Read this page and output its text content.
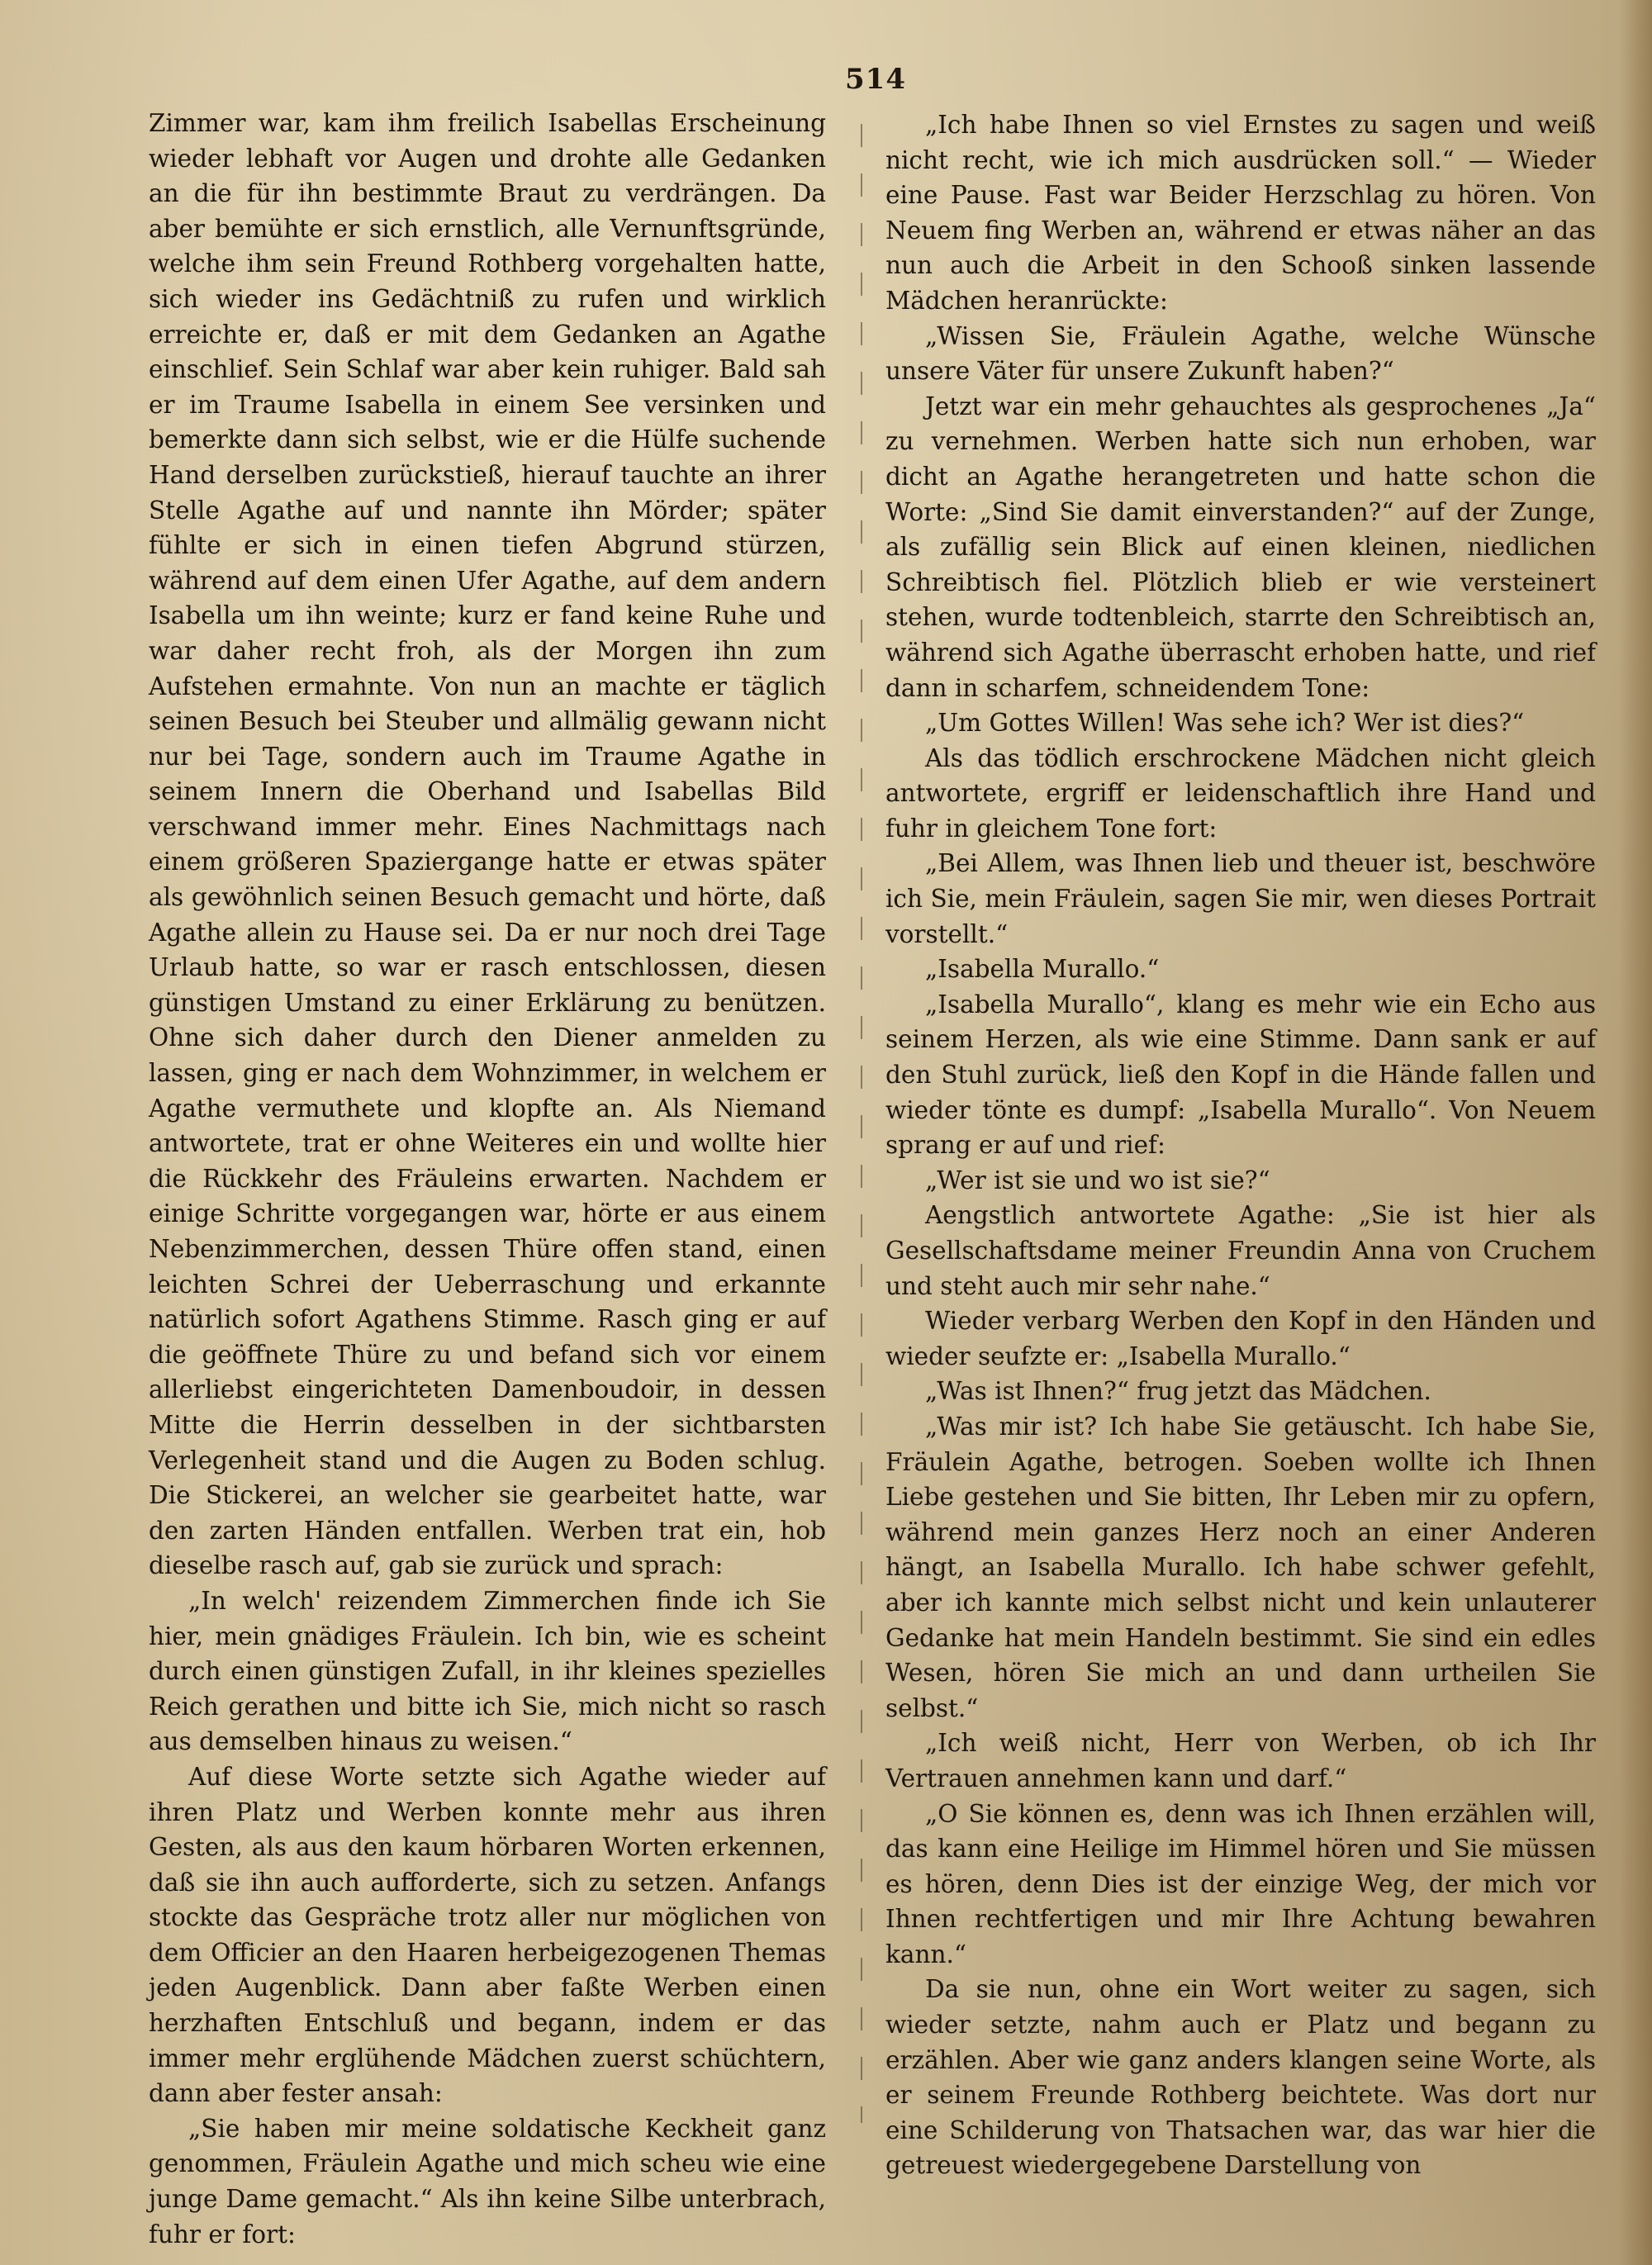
514

Zimmer war, kam ihm freilich Isabellas Erscheinung wieder lebhaft vor Augen und drohte alle Gedanken an die für ihn bestimmte Braut zu verdrängen. Da aber bemühte er sich ernstlich, alle Vernunftsgründe, welche ihm sein Freund Rothberg vorgehalten hatte, sich wieder ins Gedächtniß zu rufen und wirklich erreichte er, daß er mit dem Gedanken an Agathe einschlief. Sein Schlaf war aber kein ruhiger. Bald sah er im Traume Isabella in einem See versinken und bemerkte dann sich selbst, wie er die Hülfe suchende Hand derselben zurückstieß, hierauf tauchte an ihrer Stelle Agathe auf und nannte ihn Mörder; später fühlte er sich in einen tiefen Abgrund stürzen, während auf dem einen Ufer Agathe, auf dem andern Isabella um ihn weinte; kurz er fand keine Ruhe und war daher recht froh, als der Morgen ihn zum Aufstehen ermahnte. Von nun an machte er täglich seinen Besuch bei Steuber und allmälig gewann nicht nur bei Tage, sondern auch im Traume Agathe in seinem Innern die Oberhand und Isabellas Bild verschwand immer mehr. Eines Nachmittags nach einem größeren Spaziergange hatte er etwas später als gewöhnlich seinen Besuch gemacht und hörte, daß Agathe allein zu Hause sei. Da er nur noch drei Tage Urlaub hatte, so war er rasch entschlossen, diesen günstigen Umstand zu einer Erklärung zu benützen. Ohne sich daher durch den Diener anmelden zu lassen, ging er nach dem Wohnzimmer, in welchem er Agathe vermuthete und klopfte an. Als Niemand antwortete, trat er ohne Weiteres ein und wollte hier die Rückkehr des Fräuleins erwarten. Nachdem er einige Schritte vorgegangen war, hörte er aus einem Nebenzimmerchen, dessen Thüre offen stand, einen leichten Schrei der Ueberraschung und erkannte natürlich sofort Agathens Stimme. Rasch ging er auf die geöffnete Thüre zu und befand sich vor einem allerliebst eingerichteten Damenboudoir, in dessen Mitte die Herrin desselben in der sichtbarsten Verlegenheit stand und die Augen zu Boden schlug. Die Stickerei, an welcher sie gearbeitet hatte, war den zarten Händen entfallen. Werben trat ein, hob dieselbe rasch auf, gab sie zurück und sprach:

„In welch' reizendem Zimmerchen finde ich Sie hier, mein gnädiges Fräulein. Ich bin, wie es scheint durch einen günstigen Zufall, in ihr kleines spezielles Reich gerathen und bitte ich Sie, mich nicht so rasch aus demselben hinaus zu weisen.“

Auf diese Worte setzte sich Agathe wieder auf ihren Platz und Werben konnte mehr aus ihren Gesten, als aus den kaum hörbaren Worten erkennen, daß sie ihn auch aufforderte, sich zu setzen. Anfangs stockte das Gespräche trotz aller nur möglichen von dem Officier an den Haaren herbeigezogenen Themas jeden Augenblick. Dann aber faßte Werben einen herzhaften Entschluß und begann, indem er das immer mehr erglühende Mädchen zuerst schüchtern, dann aber fester ansah:

„Sie haben mir meine soldatische Keckheit ganz genommen, Fräulein Agathe und mich scheu wie eine junge Dame gemacht.“ Als ihn keine Silbe unterbrach, fuhr er fort:

„Ich habe Ihnen so viel Ernstes zu sagen und weiß nicht recht, wie ich mich ausdrücken soll.“ — Wieder eine Pause. Fast war Beider Herzschlag zu hören. Von Neuem fing Werben an, während er etwas näher an das nun auch die Arbeit in den Schooß sinken lassende Mädchen heranrückte:

„Wissen Sie, Fräulein Agathe, welche Wünsche unsere Väter für unsere Zukunft haben?“

Jetzt war ein mehr gehauchtes als gesprochenes „Ja“ zu vernehmen. Werben hatte sich nun erhoben, war dicht an Agathe herangetreten und hatte schon die Worte: „Sind Sie damit einverstanden?“ auf der Zunge, als zufällig sein Blick auf einen kleinen, niedlichen Schreibtisch fiel. Plötzlich blieb er wie versteinert stehen, wurde todtenbleich, starrte den Schreibtisch an, während sich Agathe überrascht erhoben hatte, und rief dann in scharfem, schneidendem Tone:

„Um Gottes Willen! Was sehe ich? Wer ist dies?“

Als das tödlich erschrockene Mädchen nicht gleich antwortete, ergriff er leidenschaftlich ihre Hand und fuhr in gleichem Tone fort:

„Bei Allem, was Ihnen lieb und theuer ist, beschwöre ich Sie, mein Fräulein, sagen Sie mir, wen dieses Portrait vorstellt.“

„Isabella Murallo.“

„Isabella Murallo“, klang es mehr wie ein Echo aus seinem Herzen, als wie eine Stimme. Dann sank er auf den Stuhl zurück, ließ den Kopf in die Hände fallen und wieder tönte es dumpf: „Isabella Murallo“. Von Neuem sprang er auf und rief:

„Wer ist sie und wo ist sie?“

Aengstlich antwortete Agathe: „Sie ist hier als Gesellschaftsdame meiner Freundin Anna von Cruchem und steht auch mir sehr nahe.“

Wieder verbarg Werben den Kopf in den Händen und wieder seufzte er: „Isabella Murallo.“

„Was ist Ihnen?“ frug jetzt das Mädchen.

„Was mir ist? Ich habe Sie getäuscht. Ich habe Sie, Fräulein Agathe, betrogen. Soeben wollte ich Ihnen Liebe gestehen und Sie bitten, Ihr Leben mir zu opfern, während mein ganzes Herz noch an einer Anderen hängt, an Isabella Murallo. Ich habe schwer gefehlt, aber ich kannte mich selbst nicht und kein unlauterer Gedanke hat mein Handeln bestimmt. Sie sind ein edles Wesen, hören Sie mich an und dann urtheilen Sie selbst.“

„Ich weiß nicht, Herr von Werben, ob ich Ihr Vertrauen annehmen kann und darf.“

„O Sie können es, denn was ich Ihnen erzählen will, das kann eine Heilige im Himmel hören und Sie müssen es hören, denn Dies ist der einzige Weg, der mich vor Ihnen rechtfertigen und mir Ihre Achtung bewahren kann.“

Da sie nun, ohne ein Wort weiter zu sagen, sich wieder setzte, nahm auch er Platz und begann zu erzählen. Aber wie ganz anders klangen seine Worte, als er seinem Freunde Rothberg beichtete. Was dort nur eine Schilderung von Thatsachen war, das war hier die getreuest wiedergegebene Darstellung von
